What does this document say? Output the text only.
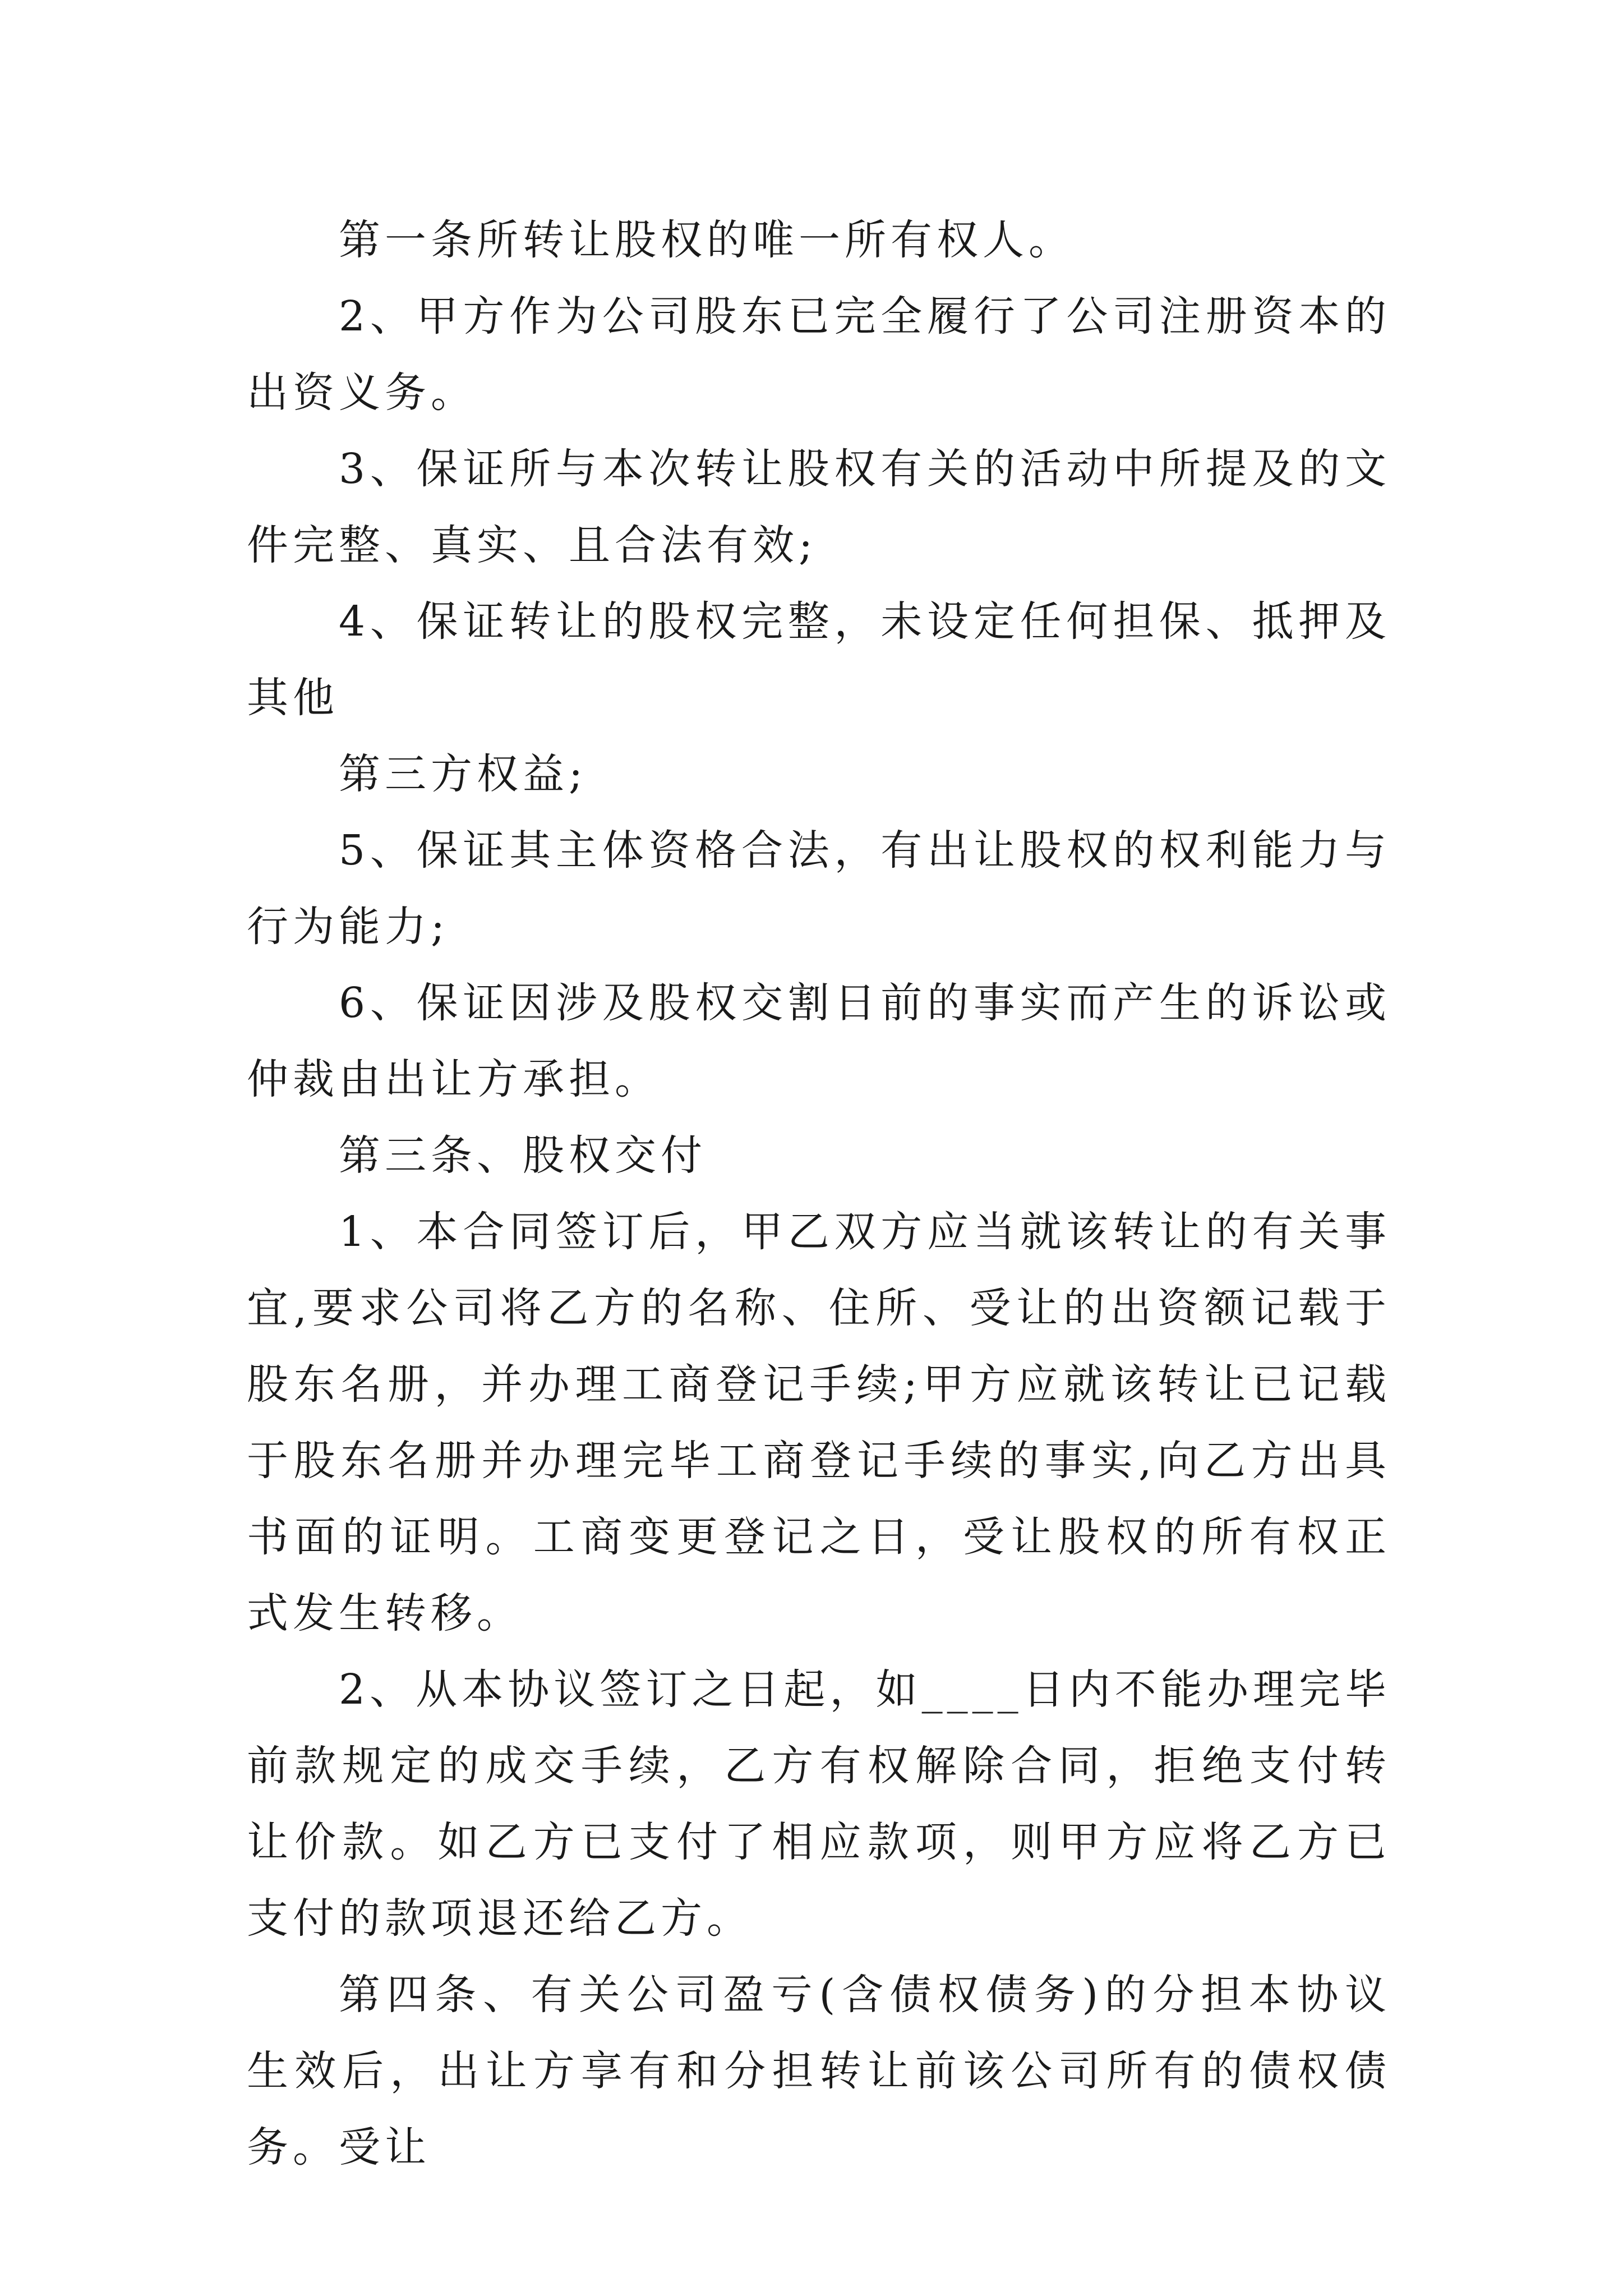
第一条所转让股权的唯一所有权人。

2、甲方作为公司股东已完全履行了公司注册资本的出资义务。

3、保证所与本次转让股权有关的活动中所提及的文件完整、真实、且合法有效;

4、保证转让的股权完整，未设定任何担保、抵押及其他

第三方权益;

5、保证其主体资格合法，有出让股权的权利能力与行为能力;

6、保证因涉及股权交割日前的事实而产生的诉讼或仲裁由出让方承担。

第三条、股权交付

1、本合同签订后，甲乙双方应当就该转让的有关事宜,要求公司将乙方的名称、住所、受让的出资额记载于股东名册，并办理工商登记手续;甲方应就该转让已记载于股东名册并办理完毕工商登记手续的事实,向乙方出具书面的证明。工商变更登记之日，受让股权的所有权正式发生转移。

2、从本协议签订之日起，如____日内不能办理完毕前款规定的成交手续，乙方有权解除合同，拒绝支付转让价款。如乙方已支付了相应款项，则甲方应将乙方已支付的款项退还给乙方。

第四条、有关公司盈亏(含债权债务)的分担本协议生效后，出让方享有和分担转让前该公司所有的债权债务。受让
